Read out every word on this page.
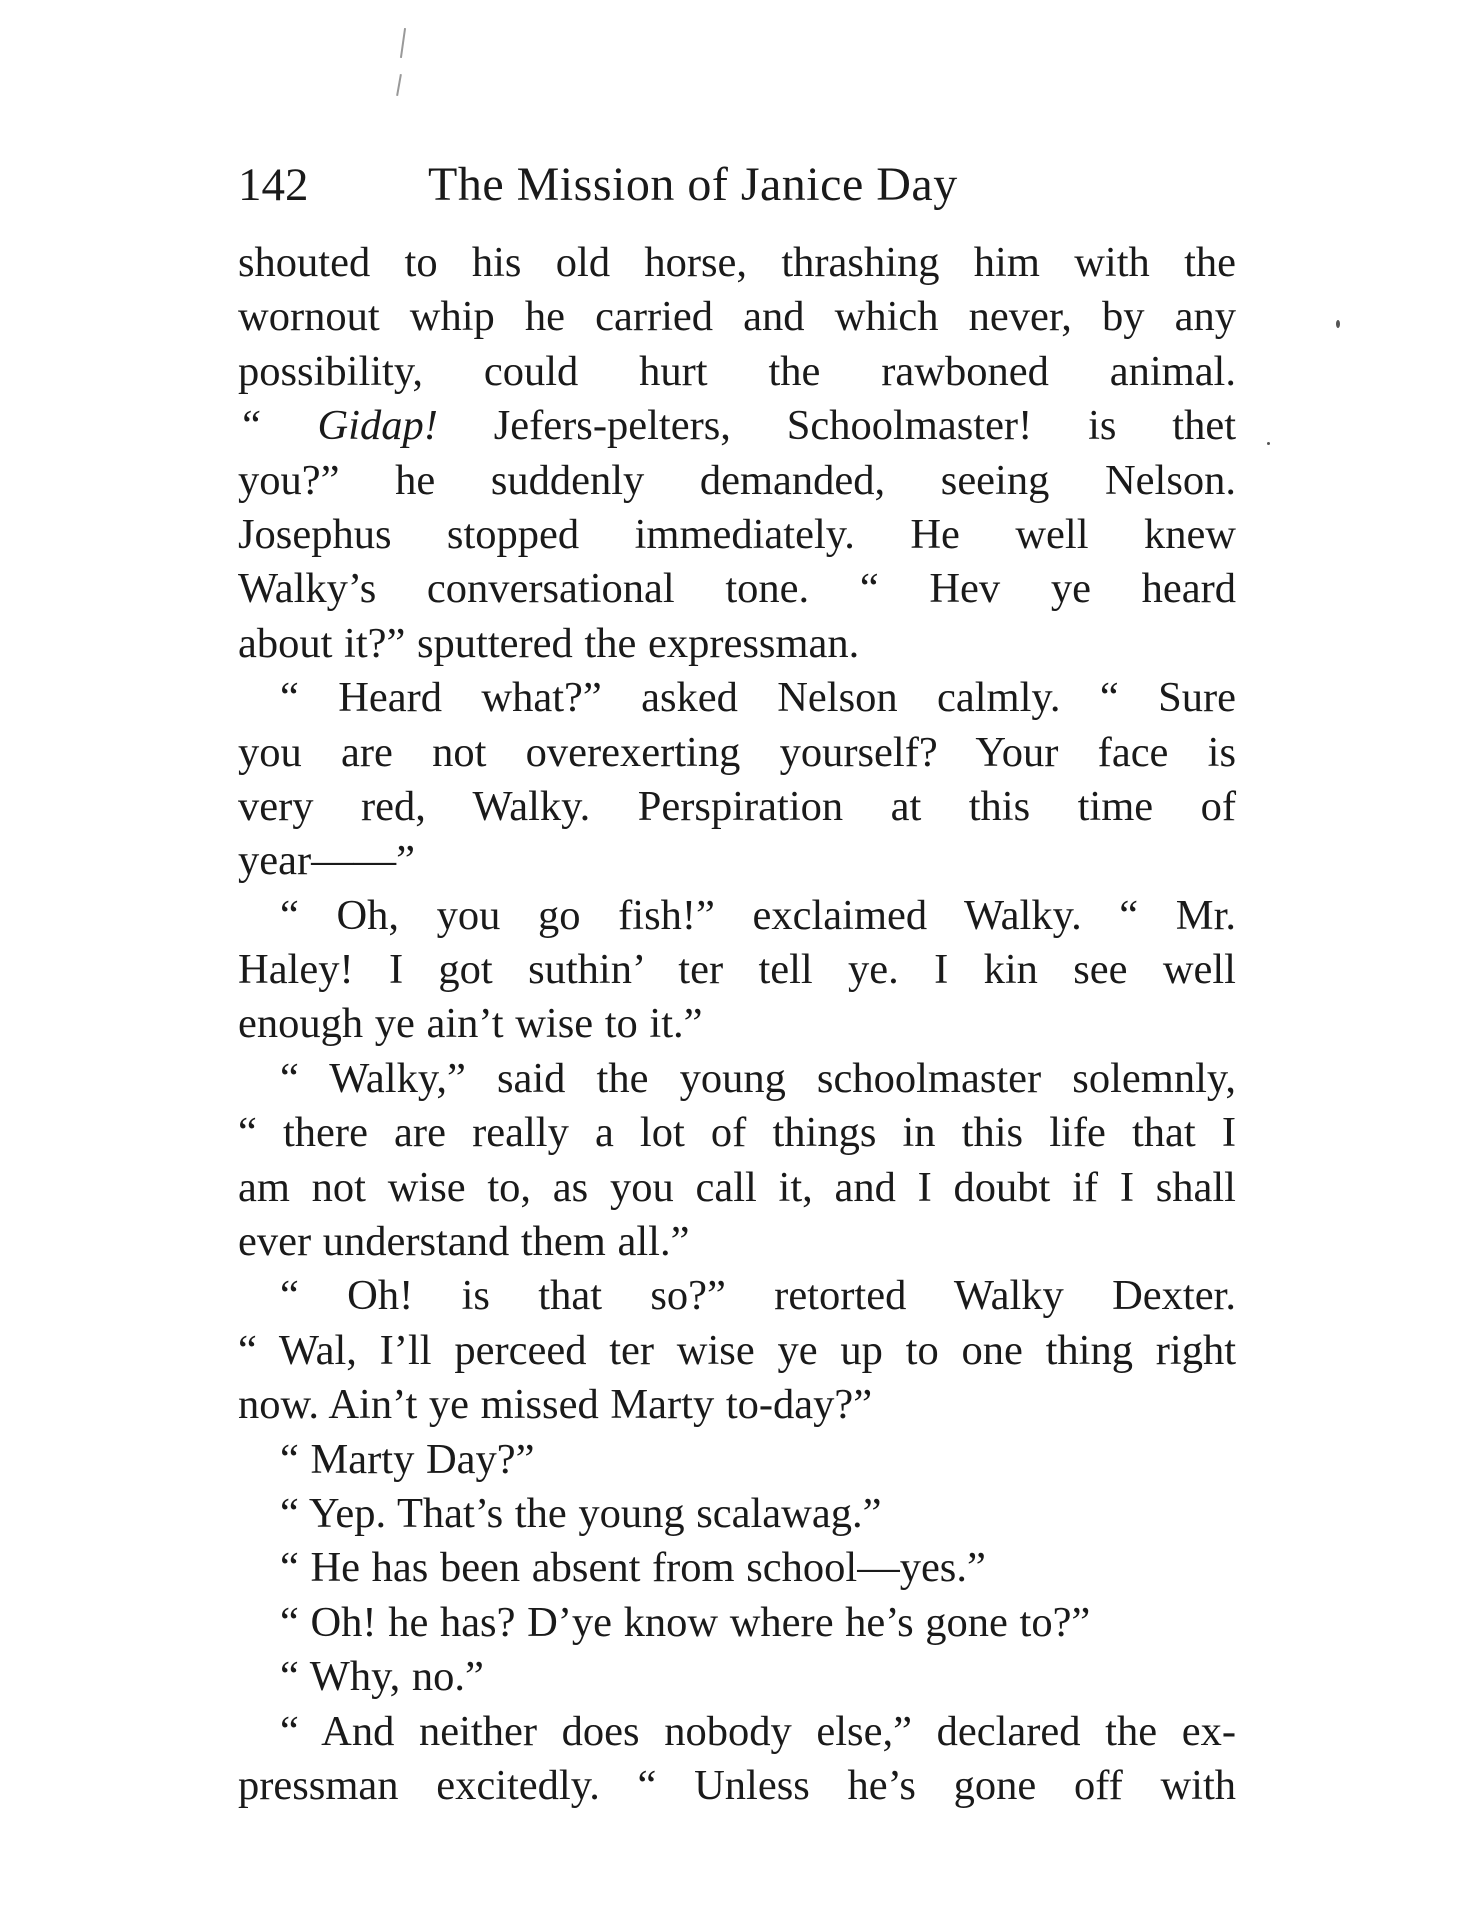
142 The Mission of Janice Day
shouted to his old horse, thrashing him with the
wornout whip he carried and which never, by any
possibility, could hurt the rawboned animal.
“ Gidap! Jefers-pelters, Schoolmaster! is thet
you?” he suddenly demanded, seeing Nelson.
Josephus stopped immediately. He well knew
Walky’s conversational tone. “ Hev ye heard
about it?” sputtered the expressman.
“ Heard what?” asked Nelson calmly. “ Sure
you are not overexerting yourself? Your face is
very red, Walky. Perspiration at this time of
year——”
“ Oh, you go fish!” exclaimed Walky. “ Mr.
Haley! I got suthin’ ter tell ye. I kin see well
enough ye ain’t wise to it.”
“ Walky,” said the young schoolmaster solemnly,
“ there are really a lot of things in this life that I
am not wise to, as you call it, and I doubt if I shall
ever understand them all.”
“ Oh! is that so?” retorted Walky Dexter.
“ Wal, I’ll perceed ter wise ye up to one thing right
now. Ain’t ye missed Marty to-day?”
“ Marty Day?”
“ Yep. That’s the young scalawag.”
“ He has been absent from school—yes.”
“ Oh! he has? D’ye know where he’s gone to?”
“ Why, no.”
“ And neither does nobody else,” declared the ex-
pressman excitedly. “ Unless he’s gone off with
